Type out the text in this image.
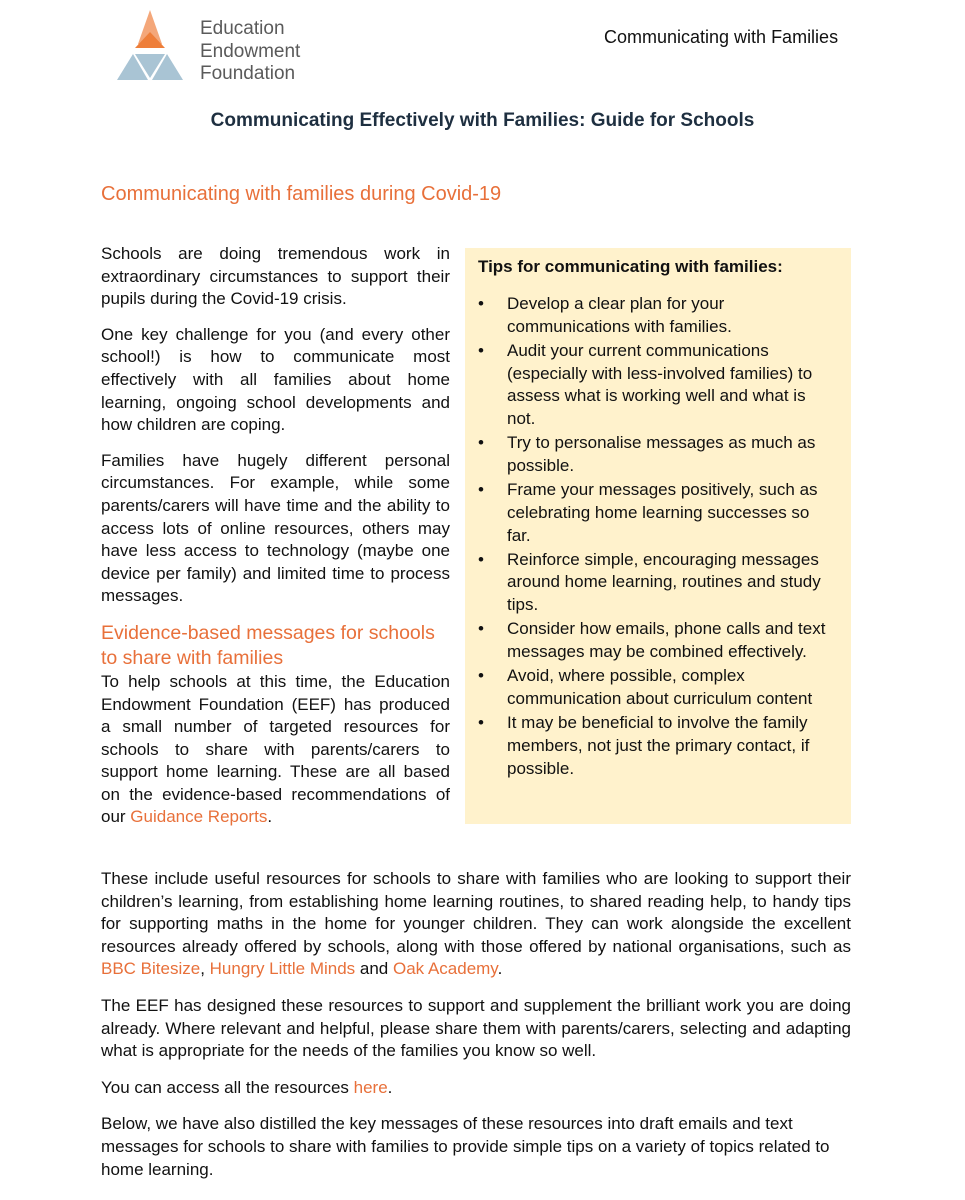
Education
Endowment
Foundation
Communicating with Families
Communicating Effectively with Families: Guide for Schools
Communicating with families during Covid-19

Schools are doing tremendous work in extraordinary circumstances to support their pupils during the Covid-19 crisis.

One key challenge for you (and every other school!) is how to communicate most effectively with all families about home learning, ongoing school developments and how children are coping.

Families have hugely different personal circumstances. For example, while some parents/carers will have time and the ability to access lots of online resources, others may have less access to technology (maybe one device per family) and limited time to process messages.

Evidence-based messages for schools to share with families

To help schools at this time, the Education Endowment Foundation (EEF) has produced a small number of targeted resources for schools to share with parents/carers to support home learning. These are all based on the evidence-based recommendations of our Guidance Reports.

Tips for communicating with families:
• Develop a clear plan for your communications with families.
• Audit your current communications (especially with less-involved families) to assess what is working well and what is not.
• Try to personalise messages as much as possible.
• Frame your messages positively, such as celebrating home learning successes so far.
• Reinforce simple, encouraging messages around home learning, routines and study tips.
• Consider how emails, phone calls and text messages may be combined effectively.
• Avoid, where possible, complex communication about curriculum content
• It may be beneficial to involve the family members, not just the primary contact, if possible.

These include useful resources for schools to share with families who are looking to support their children’s learning, from establishing home learning routines, to shared reading help, to handy tips for supporting maths in the home for younger children. They can work alongside the excellent resources already offered by schools, along with those offered by national organisations, such as BBC Bitesize, Hungry Little Minds and Oak Academy.

The EEF has designed these resources to support and supplement the brilliant work you are doing already. Where relevant and helpful, please share them with parents/carers, selecting and adapting what is appropriate for the needs of the families you know so well.

You can access all the resources here.

Below, we have also distilled the key messages of these resources into draft emails and text messages for schools to share with families to provide simple tips on a variety of topics related to home learning.
